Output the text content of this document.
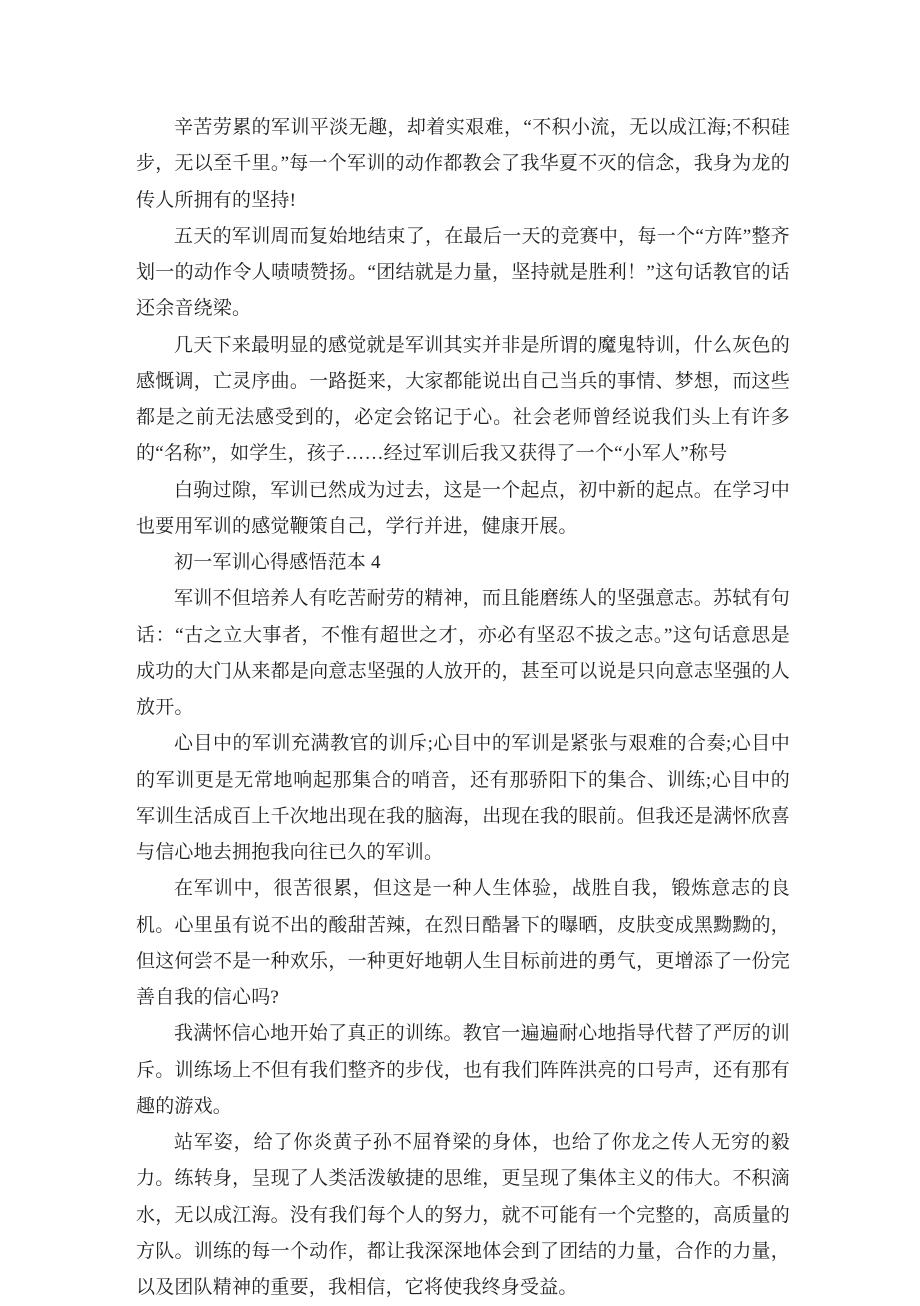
辛苦劳累的军训平淡无趣，却着实艰难，“不积小流，无以成江海;不积硅步，无以至千里。”每一个军训的动作都教会了我华夏不灭的信念，我身为龙的传人所拥有的坚持!

五天的军训周而复始地结束了，在最后一天的竞赛中，每一个“方阵”整齐划一的动作令人啧啧赞扬。“团结就是力量，坚持就是胜利！”这句话教官的话还余音绕梁。

几天下来最明显的感觉就是军训其实并非是所谓的魔鬼特训，什么灰色的感慨调，亡灵序曲。一路挺来，大家都能说出自己当兵的事情、梦想，而这些都是之前无法感受到的，必定会铭记于心。社会老师曾经说我们头上有许多的“名称”，如学生，孩子……经过军训后我又获得了一个“小军人”称号

白驹过隙，军训已然成为过去，这是一个起点，初中新的起点。在学习中也要用军训的感觉鞭策自己，学行并进，健康开展。

初一军训心得感悟范本 4

军训不但培养人有吃苦耐劳的精神，而且能磨练人的坚强意志。苏轼有句话：“古之立大事者，不惟有超世之才，亦必有坚忍不拔之志。”这句话意思是成功的大门从来都是向意志坚强的人放开的，甚至可以说是只向意志坚强的人放开。

心目中的军训充满教官的训斥;心目中的军训是紧张与艰难的合奏;心目中的军训更是无常地响起那集合的哨音，还有那骄阳下的集合、训练;心目中的军训生活成百上千次地出现在我的脑海，出现在我的眼前。但我还是满怀欣喜与信心地去拥抱我向往已久的军训。

在军训中，很苦很累，但这是一种人生体验，战胜自我，锻炼意志的良机。心里虽有说不出的酸甜苦辣，在烈日酷暑下的曝晒，皮肤变成黑黝黝的，但这何尝不是一种欢乐，一种更好地朝人生目标前进的勇气，更增添了一份完善自我的信心吗?

我满怀信心地开始了真正的训练。教官一遍遍耐心地指导代替了严厉的训斥。训练场上不但有我们整齐的步伐，也有我们阵阵洪亮的口号声，还有那有趣的游戏。

站军姿，给了你炎黄子孙不屈脊梁的身体，也给了你龙之传人无穷的毅力。练转身，呈现了人类活泼敏捷的思维，更呈现了集体主义的伟大。不积滴水，无以成江海。没有我们每个人的努力，就不可能有一个完整的，高质量的方队。训练的每一个动作，都让我深深地体会到了团结的力量，合作的力量，以及团队精神的重要，我相信，它将使我终身受益。
